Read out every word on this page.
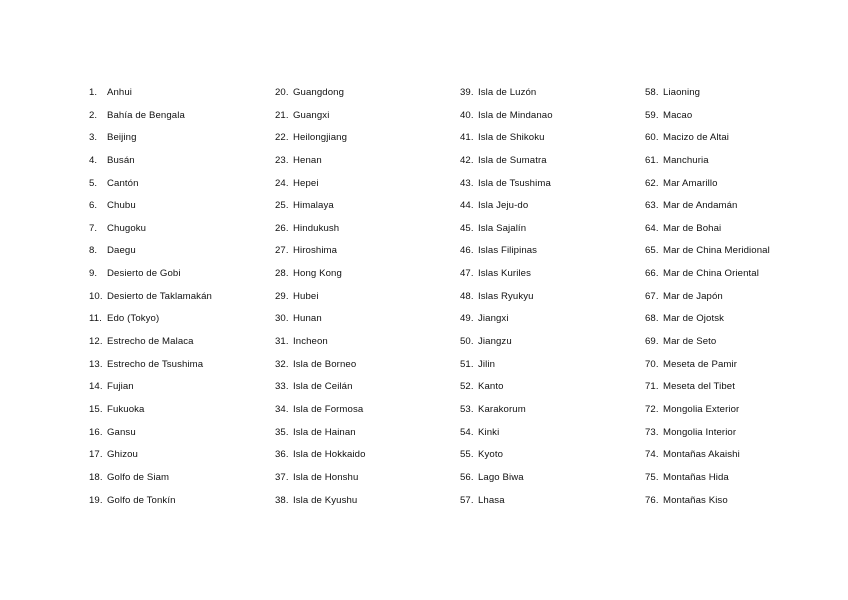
1.	Anhui
2.	Bahía de Bengala
3.	Beijing
4.	Busán
5.	Cantón
6.	Chubu
7.	Chugoku
8.	Daegu
9.	Desierto de Gobi
10. Desierto de Taklamakán
11. Edo (Tokyo)
12. Estrecho de Malaca
13. Estrecho de Tsushima
14. Fujian
15. Fukuoka
16. Gansu
17. Ghizou
18. Golfo de Siam
19. Golfo de Tonkín
20. Guangdong
21. Guangxi
22. Heilongjiang
23. Henan
24. Hepei
25. Himalaya
26. Hindukush
27. Hiroshima
28. Hong Kong
29. Hubei
30. Hunan
31. Incheon
32. Isla de Borneo
33. Isla de Ceilán
34. Isla de Formosa
35. Isla de Hainan
36. Isla de Hokkaido
37. Isla de Honshu
38. Isla de Kyushu
39. Isla de Luzón
40. Isla de Mindanao
41. Isla de Shikoku
42. Isla de Sumatra
43. Isla de Tsushima
44. Isla Jeju-do
45. Isla Sajalín
46. Islas Filipinas
47. Islas Kuriles
48. Islas Ryukyu
49. Jiangxi
50. Jiangzu
51. Jilin
52. Kanto
53. Karakorum
54. Kinki
55. Kyoto
56. Lago Biwa
57. Lhasa
58. Liaoning
59. Macao
60. Macizo de Altai
61. Manchuria
62. Mar Amarillo
63. Mar de Andamán
64. Mar de Bohai
65. Mar de China Meridional
66. Mar de China Oriental
67. Mar de Japón
68. Mar de Ojotsk
69. Mar de Seto
70. Meseta de Pamir
71. Meseta del Tibet
72. Mongolia Exterior
73. Mongolia Interior
74. Montañas Akaishi
75. Montañas Hida
76. Montañas Kiso
